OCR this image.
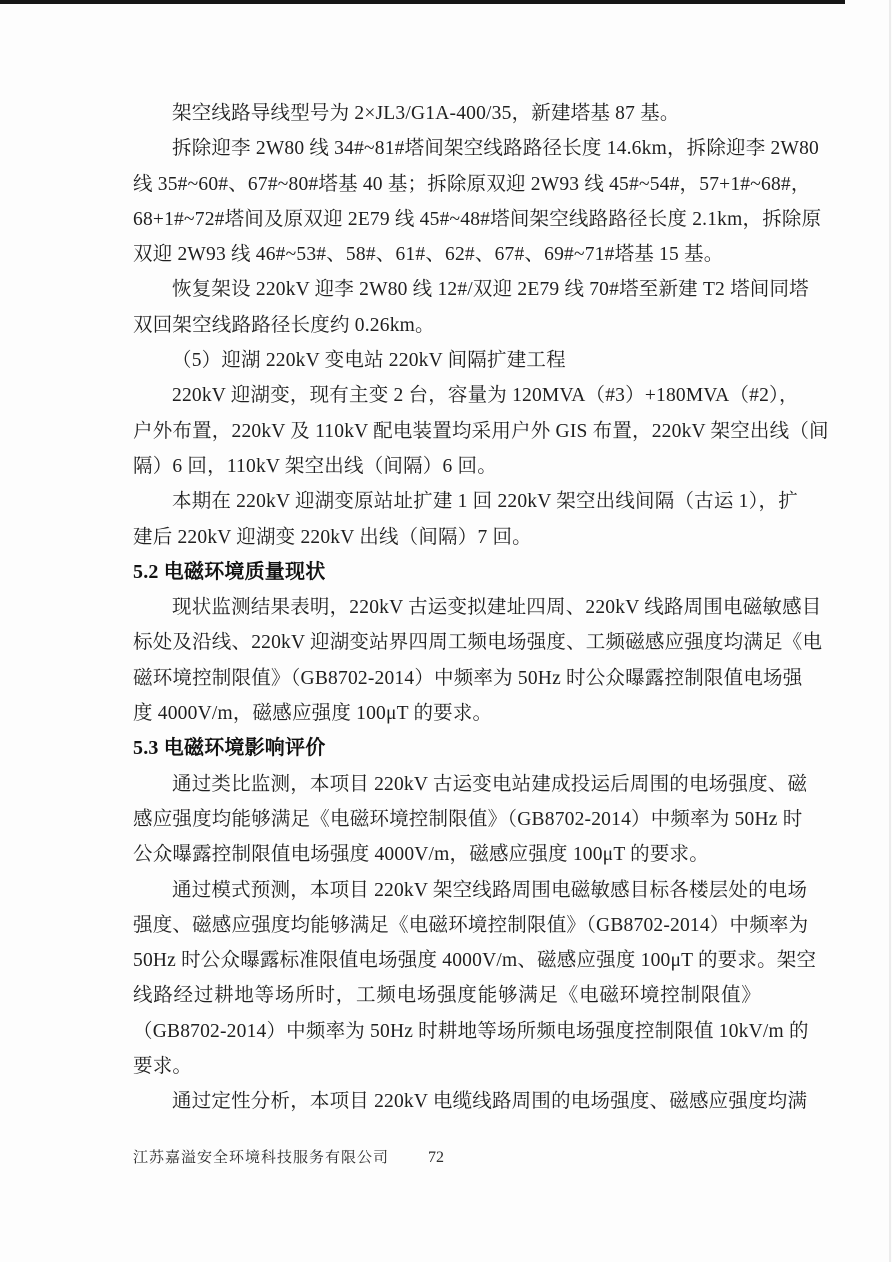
架空线路导线型号为 2×JL3/G1A-400/35，新建塔基 87 基。
拆除迎李 2W80 线 34#~81#塔间架空线路路径长度 14.6km，拆除迎李 2W80
线 35#~60#、67#~80#塔基 40 基；拆除原双迎 2W93 线 45#~54#，57+1#~68#，
68+1#~72#塔间及原双迎 2E79 线 45#~48#塔间架空线路路径长度 2.1km，拆除原
双迎 2W93 线 46#~53#、58#、61#、62#、67#、69#~71#塔基 15 基。
恢复架设 220kV 迎李 2W80 线 12#/双迎 2E79 线 70#塔至新建 T2 塔间同塔
双回架空线路路径长度约 0.26km。
（5）迎湖 220kV 变电站 220kV 间隔扩建工程
220kV 迎湖变，现有主变 2 台，容量为 120MVA（#3）+180MVA（#2），
户外布置，220kV 及 110kV 配电装置均采用户外 GIS 布置，220kV 架空出线（间
隔）6 回，110kV 架空出线（间隔）6 回。
本期在 220kV 迎湖变原站址扩建 1 回 220kV 架空出线间隔（古运 1），扩
建后 220kV 迎湖变 220kV 出线（间隔）7 回。
5.2 电磁环境质量现状
现状监测结果表明，220kV 古运变拟建址四周、220kV 线路周围电磁敏感目
标处及沿线、220kV 迎湖变站界四周工频电场强度、工频磁感应强度均满足《电
磁环境控制限值》（GB8702-2014）中频率为 50Hz 时公众曝露控制限值电场强
度 4000V/m，磁感应强度 100μT 的要求。
5.3 电磁环境影响评价
通过类比监测，本项目 220kV 古运变电站建成投运后周围的电场强度、磁
感应强度均能够满足《电磁环境控制限值》（GB8702-2014）中频率为 50Hz 时
公众曝露控制限值电场强度 4000V/m，磁感应强度 100μT 的要求。
通过模式预测，本项目 220kV 架空线路周围电磁敏感目标各楼层处的电场
强度、磁感应强度均能够满足《电磁环境控制限值》（GB8702-2014）中频率为
50Hz 时公众曝露标准限值电场强度 4000V/m、磁感应强度 100μT 的要求。架空
线路经过耕地等场所时，工频电场强度能够满足《电磁环境控制限值》
（GB8702-2014）中频率为 50Hz 时耕地等场所频电场强度控制限值 10kV/m 的
要求。
通过定性分析，本项目 220kV 电缆线路周围的电场强度、磁感应强度均满
江苏嘉溢安全环境科技服务有限公司 72
